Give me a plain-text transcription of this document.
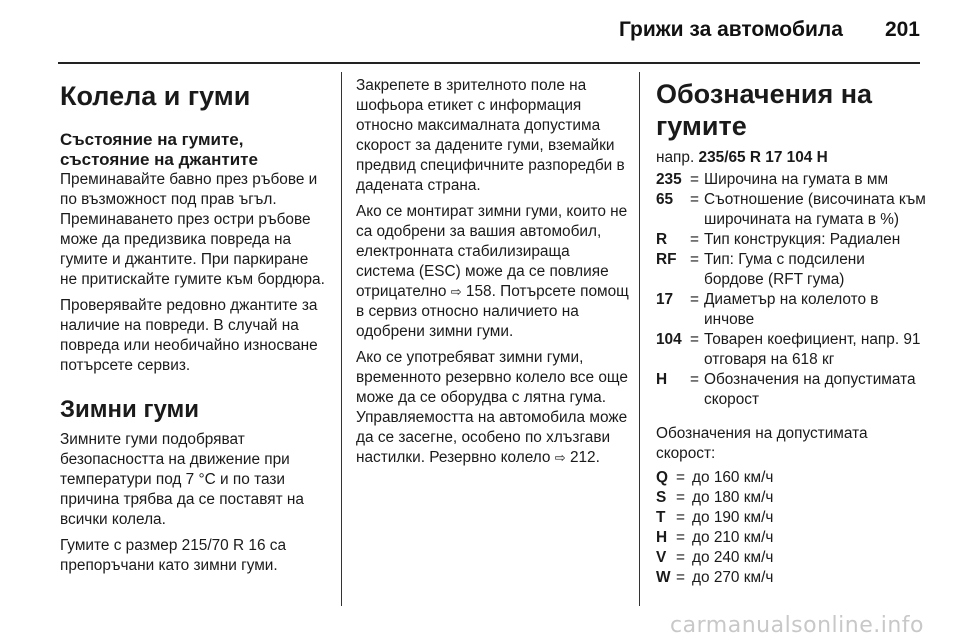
Грижи за автомобила 201
Колела и гуми
Състояние на гумите, състояние на джантите

Преминавайте бавно през ръбове и по възможност под прав ъгъл. Преминаването през остри ръбове може да предизвика повреда на гумите и джантите. При паркиране не притискайте гумите към бордюра.

Проверявайте редовно джантите за наличие на повреди. В случай на повреда или необичайно износване потърсете сервиз.

Зимни гуми

Зимните гуми подобряват безопасността на движение при температури под 7 °C и по тази причина трябва да се поставят на всички колела.

Гумите с размер 215/70 R 16 са препоръчани като зимни гуми.

Закрепете в зрителното поле на шофьора етикет с информация относно максималната допустима скорост за дадените гуми, вземайки предвид специфичните разпоредби в дадената страна.

Ако се монтират зимни гуми, които не са одобрени за вашия автомобил, електронната стабилизираща система (ESC) може да се повлияе отрицателно ⇨ 158. Потърсете помощ в сервиз относно наличието на одобрени зимни гуми.

Ако се употребяват зимни гуми, временното резервно колело все още може да се оборудва с лятна гума. Управляемостта на автомобила може да се засегне, особено по хлъзгави настилки. Резервно колело ⇨ 212.

Обозначения на гумите
напр. 235/65 R 17 104 H
235 = Широчина на гумата в мм
65	= Съотношение (височината към широчината на гумата в %)
R	= Тип конструкция: Радиален
RF = Тип: Гума с подсилени бордове (RFT гума)
17	= Диаметър на колелото в инчове
104 = Товарен коефициент, напр. 91 отговаря на 618 кг
H	= Обозначения на допустимата скорост

Обозначения на допустимата скорост:

Q = до 160 км/ч
S = до 180 км/ч
T = до 190 км/ч
H = до 210 км/ч
V = до 240 км/ч
W = до 270 км/ч
carmanualsonline.info
